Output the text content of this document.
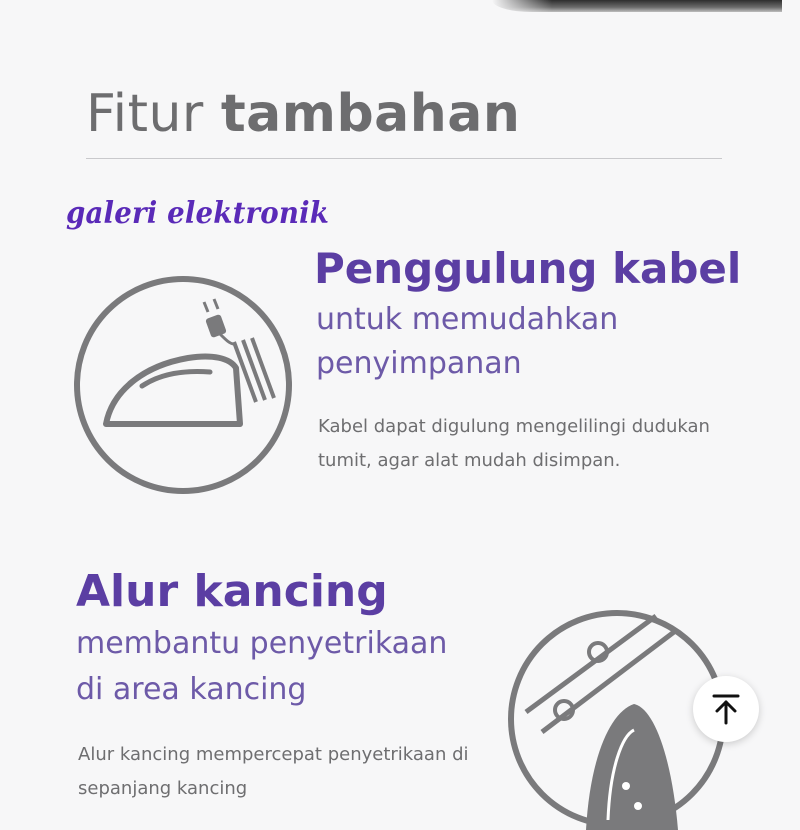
Fitur tambahan

galeri elektronik

Penggulung kabel

untuk memudahkan

penyimpanan

Kabel dapat digulung mengelilingi dudukan tumit, agar alat mudah disimpan.

Alur kancing

membantu penyetrikaan

di area kancing

Alur kancing mempercepat penyetrikaan di sepanjang kancing
